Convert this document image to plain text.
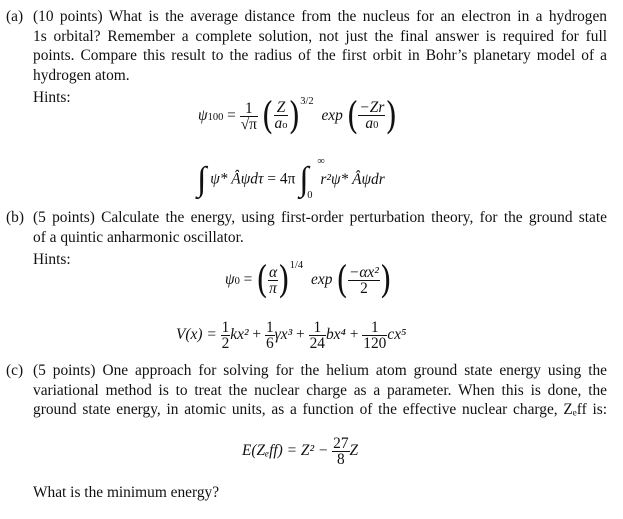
(a) (10 points) What is the average distance from the nucleus for an electron in a hydrogen
1s orbital? Remember a complete solution, not just the final answer is required for full
points. Compare this result to the radius of the first orbit in Bohr’s planetary model of a
hydrogen atom.
Hints:
$\psi 100 = \frac{1}{√\pi}$ ( $\frac{Z}{ao} )^{3/2}$ exp ( $\frac{-Zr}{a0}$ )
∫ ψ* Âψdτ = 4π ∫ ∞
0
r²ψ* Âψdr
(b) (5 points) Calculate the energy, using first-order perturbation theory, for the ground state
of a quintic anharmonic oscillator.
Hints:
ψ0 = ( $\frac{\alpha}{\pi} )^{1/4}$ exp ( $\frac{\text{−αx²}}{2}$ )
$V(x) = \frac{1}{2} kx^2 + \frac{1}{6} \gamma x^3 + \frac{1}{24} bx^4 + \frac{1}{120} cx^5$
(c) (5 points) One approach for solving for the helium atom ground state energy using the
variational method is to treat the nuclear charge as a parameter. When this is done, the
ground state energy, in atomic units, as a function of the effective nuclear charge, Zₑff is:
$E(Z_eff) = Z^2 - \frac{27}{8}$ Z
What is the minimum energy?
